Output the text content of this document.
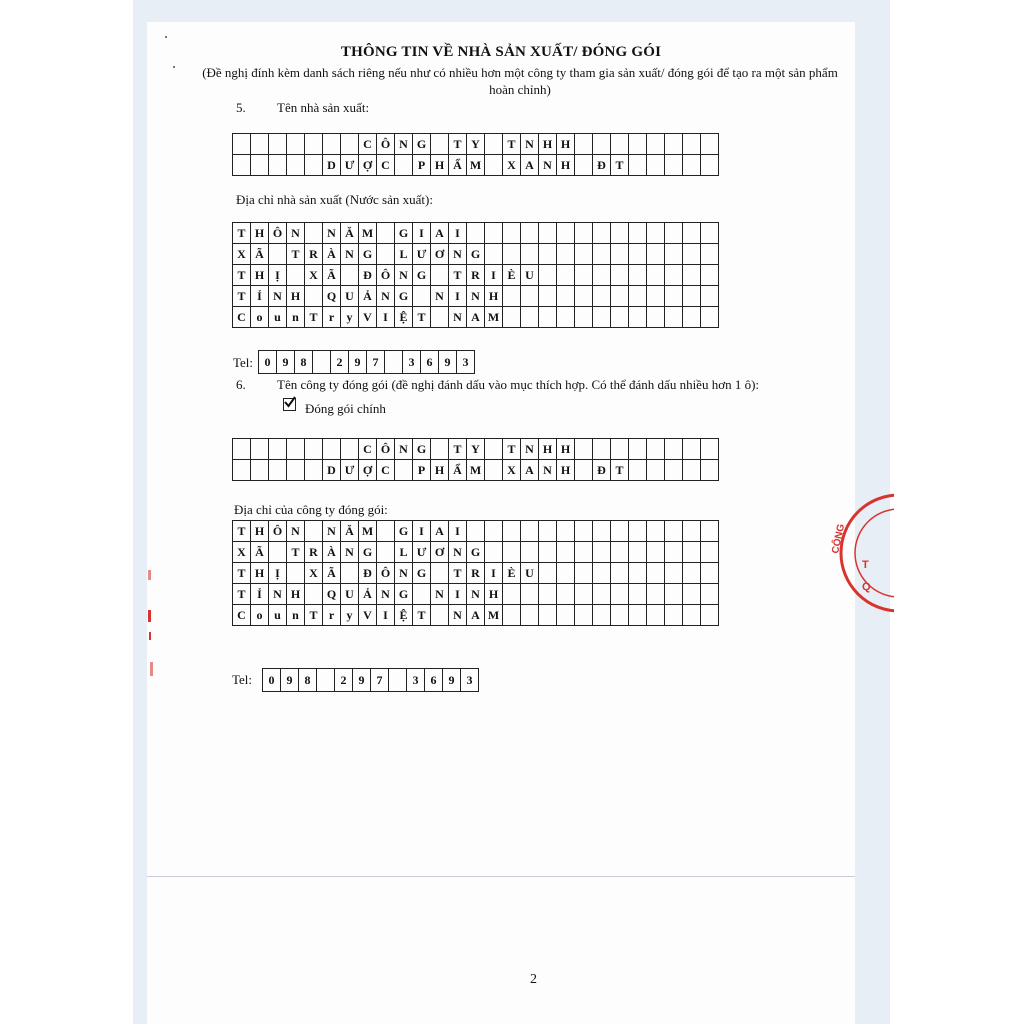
THÔNG TIN VỀ NHÀ SẢN XUẤT/ ĐÓNG GÓI
(Đề nghị đính kèm danh sách riêng nếu như có nhiều hơn một công ty tham gia sản xuất/ đóng gói để tạo ra một sản phẩm hoàn chỉnh)
5. Tên nhà sản xuất:
							C	Ô	N	G		T	Y		T	N	H	H								
					D	Ư	Ợ	C		P	H	Ẩ	M		X	A	N	H		Đ	T					
Địa chỉ nhà sản xuất (Nước sản xuất):
T	H	Ô	N		N	Ă	M		G	I	A	I														
X	Ã		T	R	À	N	G		L	Ư	Ơ	N	G													
T	H	Ị		X	Ã		Đ	Ô	N	G		T	R	I	È	U										
T	Ỉ	N	H		Q	U	Ả	N	G		N	I	N	H												
C	o	u	n	T	r	y	V	I	Ệ	T		N	A	M												
Tel: 0	9	8	2	9	7	3	6	9	3
6. Tên công ty đóng gói (đề nghị đánh dấu vào mục thích hợp. Có thể đánh dấu nhiều hơn 1 ô):
Đóng gói chính
							C	Ô	N	G		T	Y		T	N	H	H								
					D	Ư	Ợ	C		P	H	Ẩ	M		X	A	N	H		Đ	T					
Địa chỉ của công ty đóng gói:
T	H	Ô	N		N	Ă	M		G	I	A	I														
X	Ã		T	R	À	N	G		L	Ư	Ơ	N	G													
T	H	Ị		X	Ã		Đ	Ô	N	G		T	R	I	È	U										
T	Ỉ	N	H		Q	U	Ả	N	G		N	I	N	H												
C	o	u	n	T	r	y	V	I	Ệ	T		N	A	M												
Tel:	0	9	8	2	9	7	3	6	9	3
2
CÔNG
T
Q
